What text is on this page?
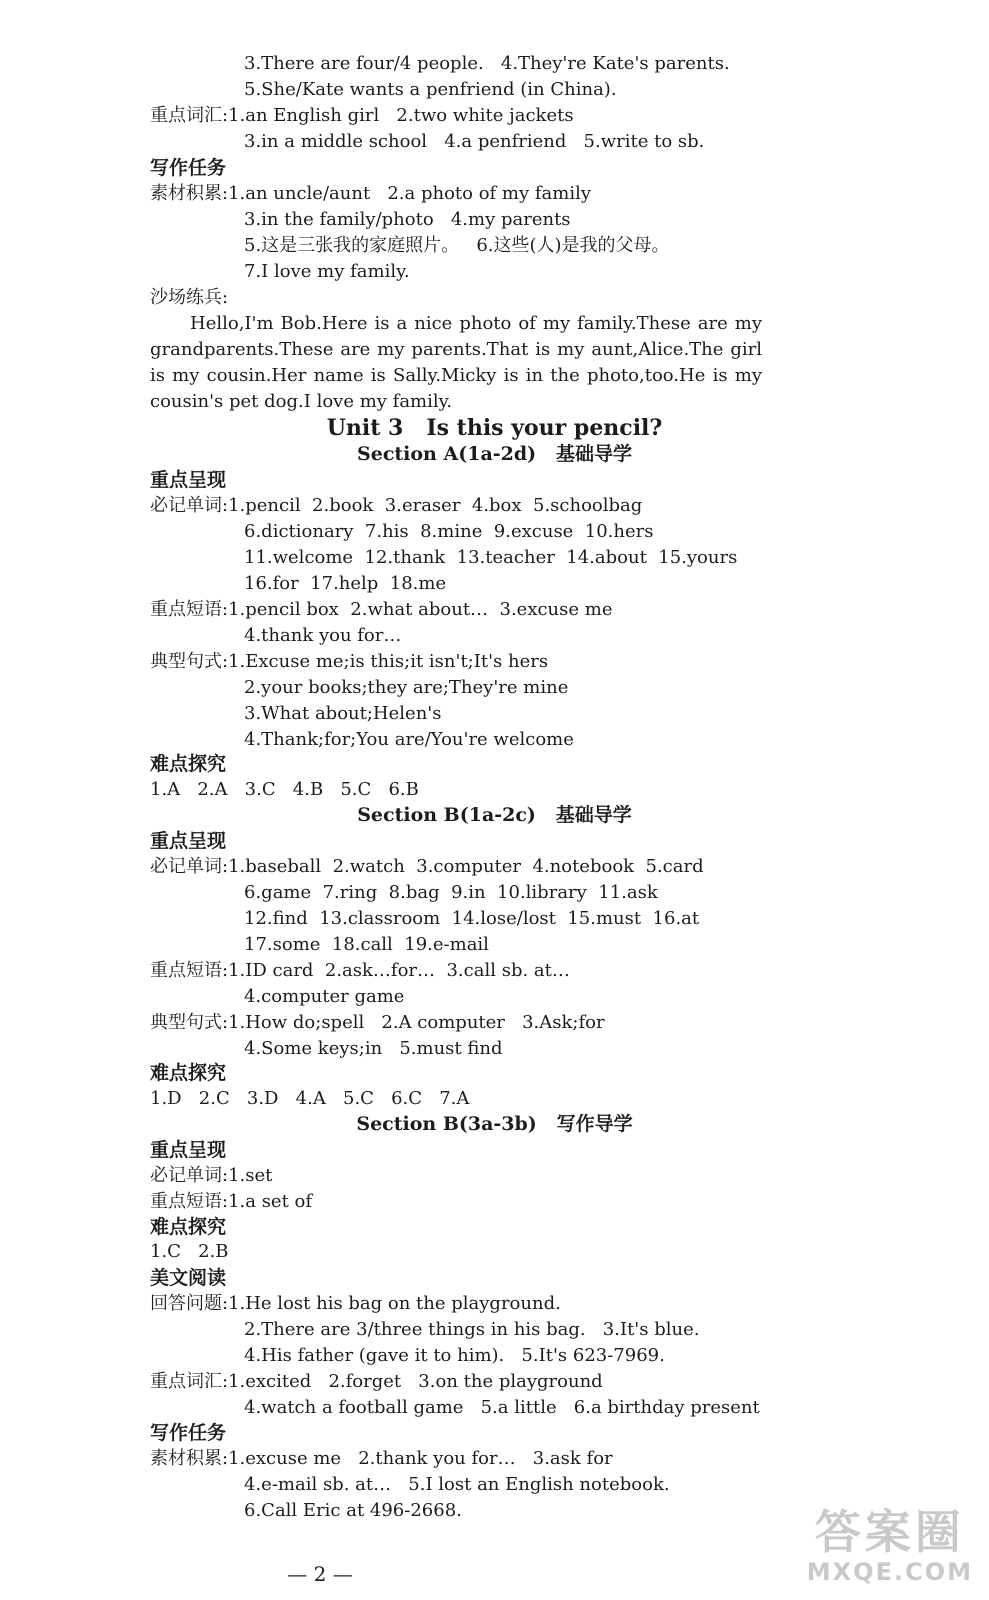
3.There are four/4 people.   4.They're Kate's parents.
5.She/Kate wants a penfriend (in China).
重点词汇:1.an English girl   2.two white jackets
3.in a middle school   4.a penfriend   5.write to sb.
写作任务
素材积累:1.an uncle/aunt   2.a photo of my family
3.in the family/photo   4.my parents
5.这是三张我的家庭照片。   6.这些(人)是我的父母。
7.I love my family.
沙场练兵:
Unit 3   Is this your pencil?
Section A(1a-2d)   基础导学
重点呈现
必记单词:1.pencil  2.book  3.eraser  4.box  5.schoolbag
6.dictionary  7.his  8.mine  9.excuse  10.hers
11.welcome  12.thank  13.teacher  14.about  15.yours
16.for  17.help  18.me
重点短语:1.pencil box  2.what about…  3.excuse me
4.thank you for…
典型句式:1.Excuse me;is this;it isn't;It's hers
2.your books;they are;They're mine
3.What about;Helen's
4.Thank;for;You are/You're welcome
难点探究
1.A   2.A   3.C   4.B   5.C   6.B
Section B(1a-2c)   基础导学
重点呈现
必记单词:1.baseball  2.watch  3.computer  4.notebook  5.card
6.game  7.ring  8.bag  9.in  10.library  11.ask
12.find  13.classroom  14.lose/lost  15.must  16.at
17.some  18.call  19.e-mail
重点短语:1.ID card  2.ask…for…  3.call sb. at…
4.computer game
典型句式:1.How do;spell   2.A computer   3.Ask;for
4.Some keys;in   5.must find
难点探究
1.D   2.C   3.D   4.A   5.C   6.C   7.A
Section B(3a-3b)   写作导学
重点呈现
必记单词:1.set
重点短语:1.a set of
难点探究
1.C   2.B
美文阅读
回答问题:1.He lost his bag on the playground.
2.There are 3/three things in his bag.   3.It's blue.
4.His father (gave it to him).   5.It's 623-7969.
重点词汇:1.excited   2.forget   3.on the playground
4.watch a football game   5.a little   6.a birthday present
写作任务
素材积累:1.excuse me   2.thank you for…   3.ask for
4.e-mail sb. at…   5.I lost an English notebook.
6.Call Eric at 496-2668.
Hello,I'm Bob.Here is a nice photo of my family.These are my grandparents.These are my parents.That is my aunt,Alice.The girl is my cousin.Her name is Sally.Micky is in the photo,too.He is my cousin's pet dog.I love my family.
— 2 —
答案圈
MXQE.COM
